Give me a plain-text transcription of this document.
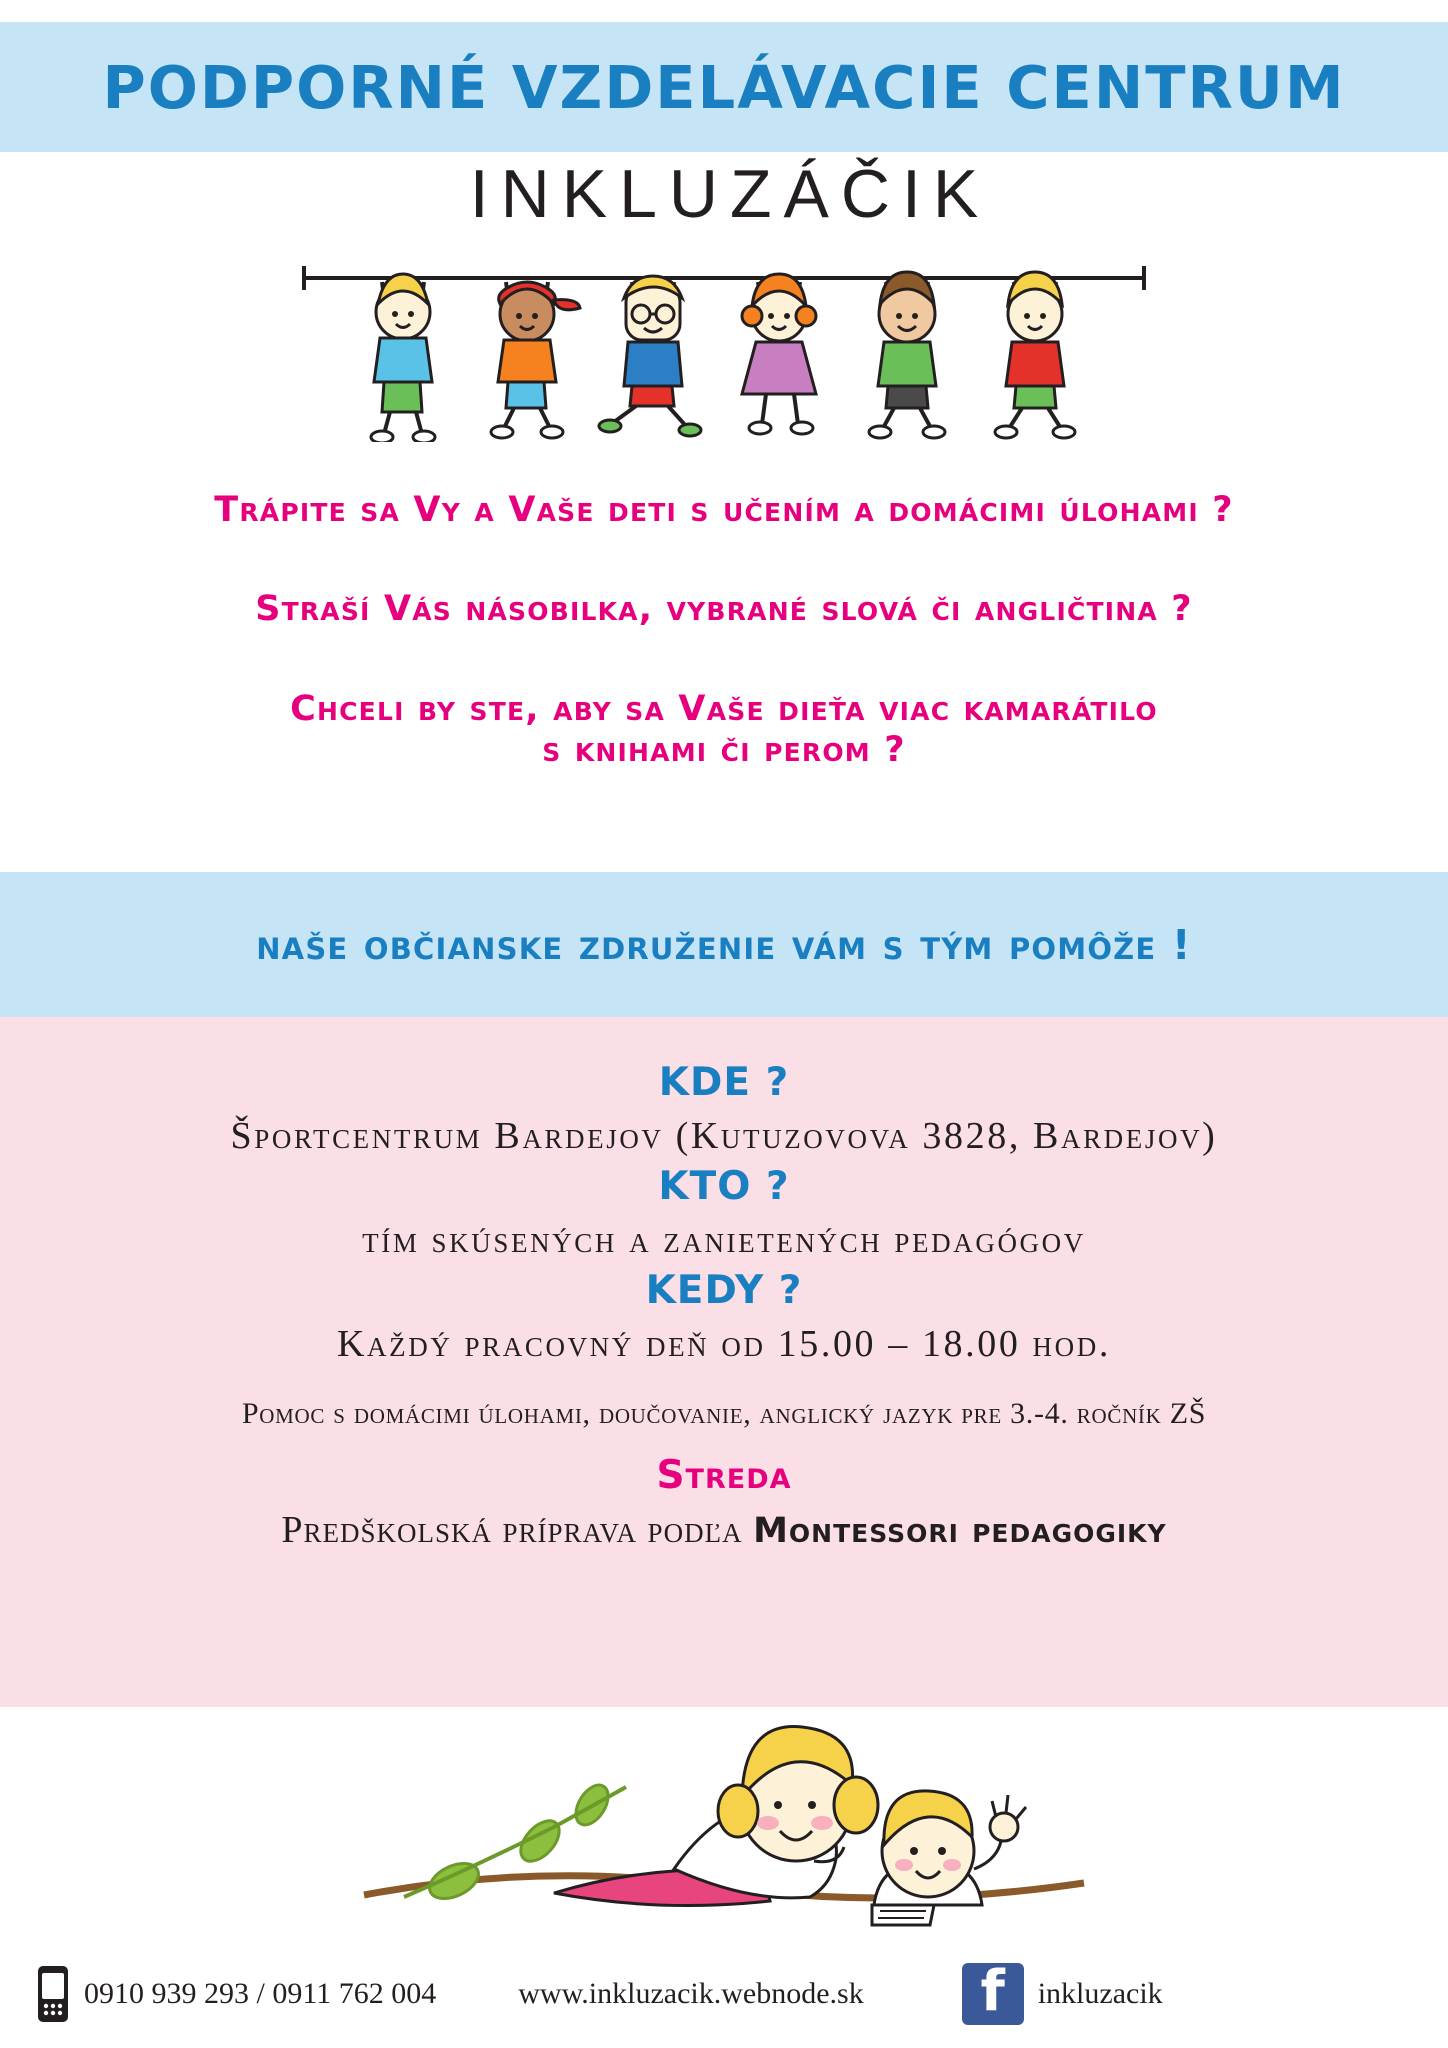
PODPORNÉ VZDELÁVACIE CENTRUM
INKLUZÁČIK
Trápite sa Vy a Vaše deti s učením a domácimi úlohami ?
Straší Vás násobilka, vybrané slová či angličtina ?
Chceli by ste, aby sa Vaše dieťa viac kamarátilo
s knihami či perom ?
naše občianske združenie vám s tým pomôže !
KDE ?
Športcentrum Bardejov (Kutuzovova 3828, Bardejov)
KTO ?
tím skúsených a zanietených pedagógov
KEDY ?
Každý pracovný deň od 15.00 – 18.00 hod.
Pomoc s domácimi úlohami, doučovanie, anglický jazyk pre 3.-4. ročník ZŠ
Streda
Predškolská príprava podľa Montessori pedagogiky
0910 939 293 / 0911 762 004	www.inkluzacik.webnode.sk f inkluzacik
